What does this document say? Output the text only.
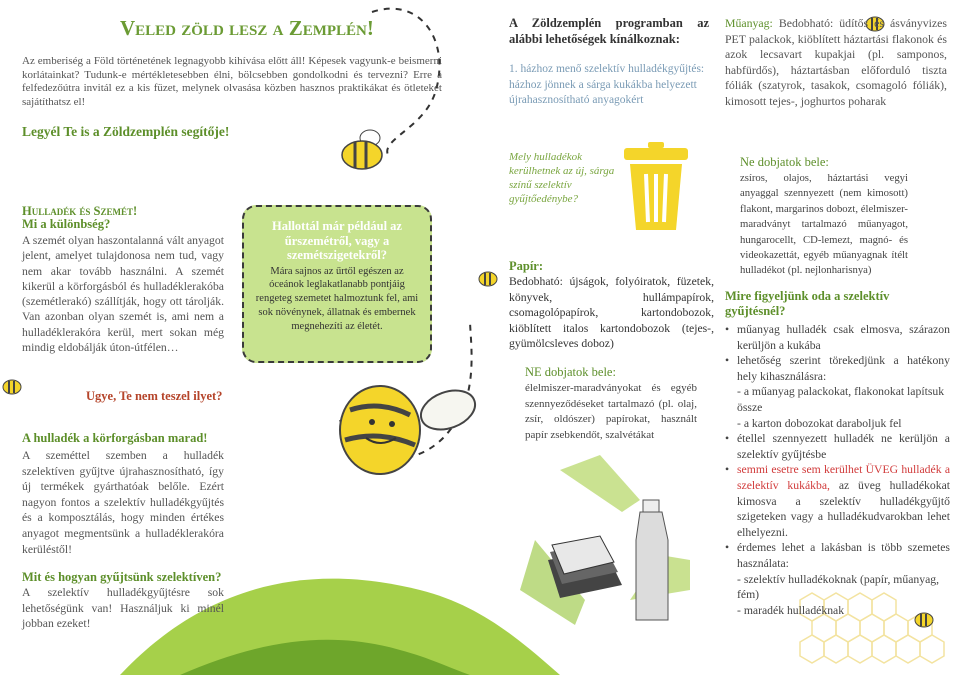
Veled zöld lesz a Zemplén!

Az emberiség a Föld történetének legnagyobb kihívása előtt áll! Képesek vagyunk-e beismerni korlátainkat? Tudunk-e mértékletesebben élni, bölcsebben gondolkodni és tervezni? Erre a felfedezőútra invitál ez a kis füzet, melynek olvasása közben hasznos praktikákat és ötleteket sajátíthatsz el!

Legyél Te is a Zöldzemplén segítője!
Hulladék és Szemét!
Mi a különbség?

A szemét olyan haszontalanná vált anyagot jelent, amelyet tulajdonosa nem tud, vagy nem akar tovább használni. A szemét kikerül a körforgásból és hulladéklerakóba (szemétlerakó) szállítják, hogy ott tárolják. Van azonban olyan szemét is, ami nem a hulladéklerakóra kerül, mert sokan még mindig eldobálják úton-útfélen…

Ugye, Te nem teszel ilyet?
A hulladék a körforgásban marad!

A szeméttel szemben a hulladék szelektíven gyűjtve újrahasznosítható, így új termékek gyárthatóak belőle. Ezért nagyon fontos a szelektív hulladékgyűjtés és a komposztálás, hogy minden értékes anyagot megmentsünk a hulladéklerakóra kerüléstől!

Mit és hogyan gyűjtsünk szelektíven?

A szelektív hulladékgyűjtésre sok lehetőségünk van! Használjuk ki minél jobban ezeket!

Hallottál már például az űrszemétről, vagy a szemétszigetekről?
Mára sajnos az űrtől egészen az óceánok leglakatlanabb pontjáig rengeteg szemetet halmoztunk fel, ami sok növénynek, állatnak és embernek megnehezíti az életét.

A Zöldzemplén programban az alábbi lehetőségek kínálkoznak:

1. házhoz menő szelektív hulladékgyűjtés: házhoz jönnek a sárga kukákba helyezett újrahasznosítható anyagokért

Mely hulladékok kerülhetnek az új, sárga színű szelektív gyűjtőedénybe?

Papír:

Bedobható: újságok, folyóiratok, füzetek, könyvek, hullámpapírok, csomagolópapírok, kartondobozok, kiöblített italos kartondobozok (tejes-, gyümölcsleves doboz)

NE dobjatok bele:

élelmiszer-maradványokat és egyéb szennyeződéseket tartalmazó (pl. olaj, zsír, oldószer) papírokat, használt papír zsebkendőt, szalvétákat

Műanyag: Bedobható: üdítős és ásványvizes PET palackok, kiöblített háztartási flakonok és azok lecsavart kupakjai (pl. samponos, habfürdős), háztartásban előforduló tiszta fóliák (szatyrok, tasakok, csomagoló fóliák), kimosott tejes-, joghurtos poharak

Ne dobjatok bele:

zsíros, olajos, háztartási vegyi anyaggal szennyezett (nem kimosott) flakont, margarinos dobozt, élelmiszer-maradványt tartalmazó műanyagot, hungarocellt, CD-lemezt, magnó- és videokazettát, egyéb műanyagnak ítélt hulladékot (pl. nejlonharisnya)

Mire figyeljünk oda a szelektív gyűjtésnél?
• műanyag hulladék csak elmosva, szárazon kerüljön a kukába
• lehetőség szerint törekedjünk a hatékony hely kihasználásra:
- a műanyag palackokat, flakonokat lapítsuk össze
- a karton dobozokat daraboljuk fel
• étellel szennyezett hulladék ne kerüljön a szelektív gyűjtésbe
• semmi esetre sem kerülhet ÜVEG hulladék a szelektív kukákba, az üveg hulladékokat kimosva a szelektív hulladékgyűjtő szigeteken vagy a hulladékudvarokban lehet elhelyezni.
• érdemes lehet a lakásban is több szemetes használata:
- szelektív hulladékoknak (papír, műanyag, fém)
- maradék hulladéknak
